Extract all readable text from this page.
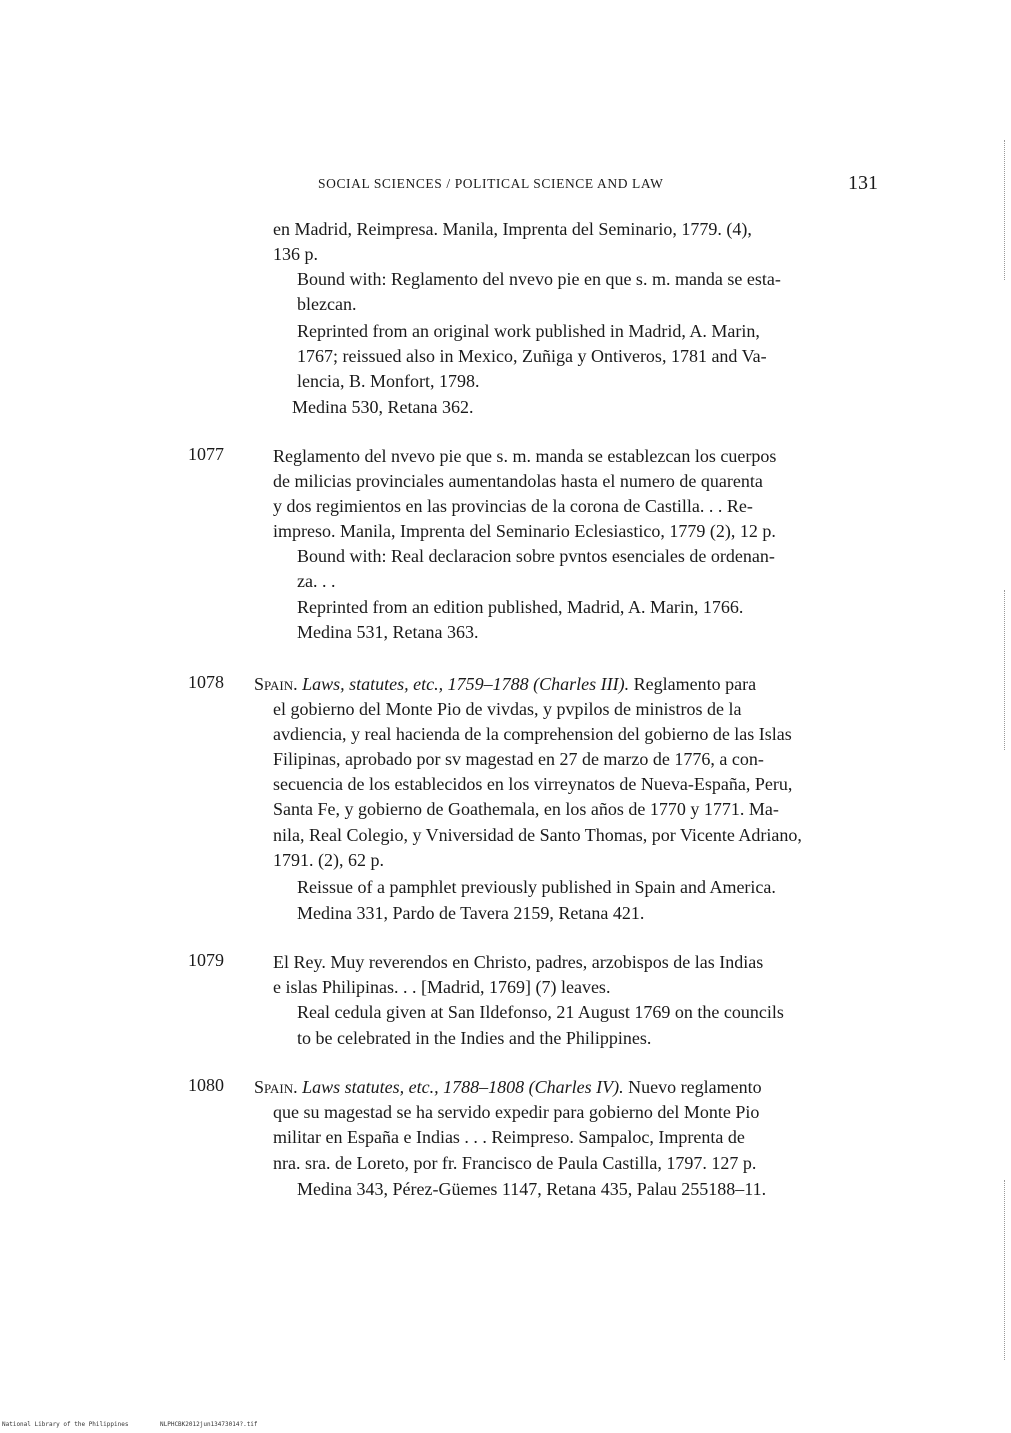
SOCIAL SCIENCES / POLITICAL SCIENCE AND LAW	131
en Madrid, Reimpresa. Manila, Imprenta del Seminario, 1779. (4),
136 p.
Bound with: Reglamento del nvevo pie en que s. m. manda se esta-
blezcan.
Reprinted from an original work published in Madrid, A. Marin,
1767; reissued also in Mexico, Zuñiga y Ontiveros, 1781 and Va-
lencia, B. Monfort, 1798.
Medina 530, Retana 362.
1077	Reglamento del nvevo pie que s. m. manda se establezcan los cuerpos
de milicias provinciales aumentandolas hasta el numero de quarenta
y dos regimientos en las provincias de la corona de Castilla. . . Re-
impreso. Manila, Imprenta del Seminario Eclesiastico, 1779 (2), 12 p.
Bound with: Real declaracion sobre pvntos esenciales de ordenan-
za. . .
Reprinted from an edition published, Madrid, A. Marin, 1766.
Medina 531, Retana 363.
1078 Spain. Laws, statutes, etc., 1759–1788 (Charles III). Reglamento para
el gobierno del Monte Pio de vivdas, y pvpilos de ministros de la
avdiencia, y real hacienda de la comprehension del gobierno de las Islas
Filipinas, aprobado por sv magestad en 27 de marzo de 1776, a con-
secuencia de los establecidos en los virreynatos de Nueva-España, Peru,
Santa Fe, y gobierno de Goathemala, en los años de 1770 y 1771. Ma-
nila, Real Colegio, y Vniversidad de Santo Thomas, por Vicente Adriano,
1791. (2), 62 p.
Reissue of a pamphlet previously published in Spain and America.
Medina 331, Pardo de Tavera 2159, Retana 421.
1079	El Rey. Muy reverendos en Christo, padres, arzobispos de las Indias
e islas Philipinas. . . [Madrid, 1769] (7) leaves.
Real cedula given at San Ildefonso, 21 August 1769 on the councils
to be celebrated in the Indies and the Philippines.
1080 Spain. Laws statutes, etc., 1788–1808 (Charles IV). Nuevo reglamento
que su magestad se ha servido expedir para gobierno del Monte Pio
militar en España e Indias . . . Reimpreso. Sampaloc, Imprenta de
nra. sra. de Loreto, por fr. Francisco de Paula Castilla, 1797. 127 p.
Medina 343, Pérez-Güemes 1147, Retana 435, Palau 255188–11.
National Library of the Philippines	NLPHCBK2012jun13473014?.tif
